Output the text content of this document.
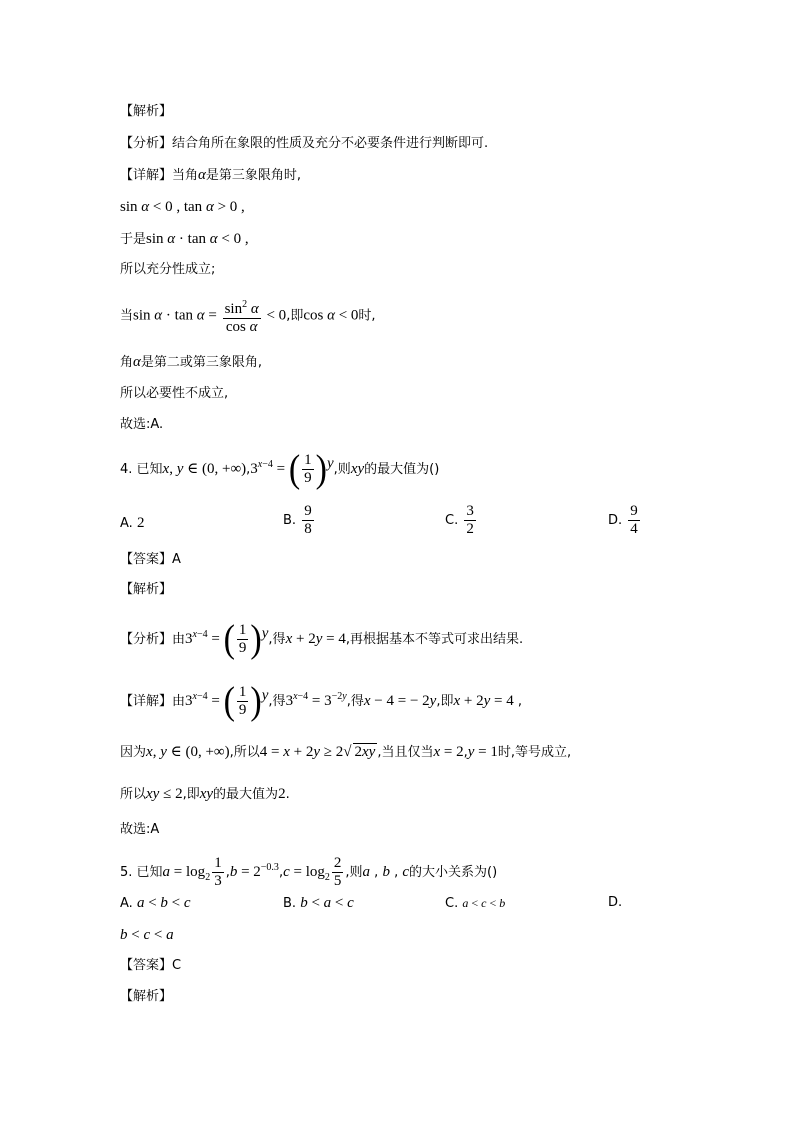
【解析】
【分析】结合角所在象限的性质及充分不必要条件进行判断即可.
【详解】当角α是第三象限角时,
sin α < 0 , tan α > 0 ,
于是sin α · tan α < 0 ,
所以充分性成立;
当$\sin \alpha \cdot \tan \alpha = \frac{\sin^2 \alpha}{\text{cos α}} < 0$,即cos α < 0时,
角α是第二或第三象限角,
所以必要性不成立,
故选:A.
4. 已知x, y ∈ (0, $+\infty),3^{x-4}$ = ( $\frac{1}{9} )^y$,则xy的最大值为()
A. 2	B. $\frac{9}{8}$	C. $\frac{3}{2}$	D. $\frac{9}{4}$
【答案】A
【解析】
【分析】由$3^{x-4}$ = ( $\frac{1}{9} )^y$,得x + 2y = 4,再根据基本不等式可求出结果.
【详解】由$3^{x-4}$ = ( $\frac{1}{9} )^y$,得$3^{x-4} = 3^{-2y}$,得x − 4 = − 2y,即x + 2y = 4 ,
因为x, y ∈ (0, +∞),所以4 = x + 2y ≥ 2√ 2xy ,当且仅当x = 2,y = 1时,等号成立,
所以xy ≤ 2,即xy的最大值为2.
故选:A
5. 已知$a = \log_2 \frac{1}{3} ,b = 2^{-0.3},c = \log_2 \frac{2}{5}$ ,则a , b , c的大小关系为()
A. a < b < c	B. b < a < c	C. a < c < b	D.
b < c < a
【答案】C
【解析】
